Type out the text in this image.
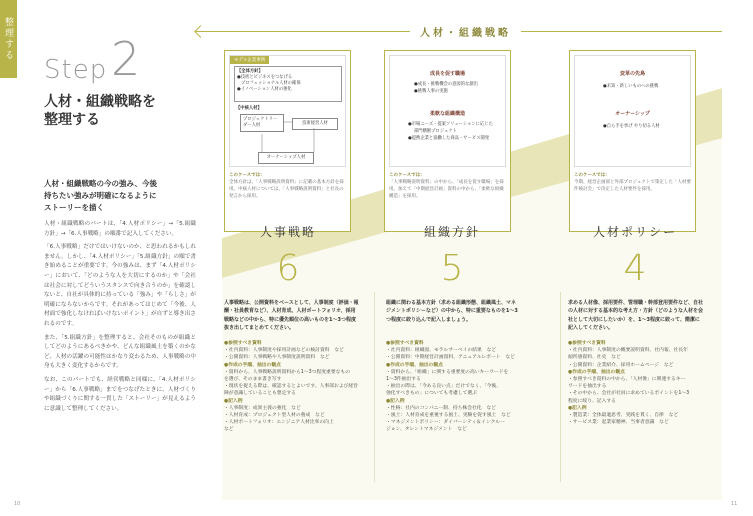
整理する
Step 2
人材・組織戦略を
整理する
人材・組織戦略の今の強み、今後
持ちたい強みが明確になるように
ストーリーを描く

人材・組織戦略のパートは、「4.人材ポリシー」→「5.組織方針」→「6.人事戦略」の順番で記入してください。

「6.人事戦略」だけではいけないのか、と思われるかもしれません。しかし、「4.人材ポリシー」「5.組織方針」の順で書き始めることが重要です。今の強みは、まず「4.人材ポリシー」において、「どのような人を大切にするのか」や「会社は社会に対してどういうスタンスで向き合うのか」を確認しないと、自社が具体的に持っている「強み」や「らしさ」が明確にならないからです。それがあってはじめて「今後、人材面で強化しなければいけないポイント」が自ずと導き出されるのです。

また、「5.組織方針」を整理すると、会社そのものが組織としてどのようにあるべきかや、どんな組織風土を築くのかなど、人材の活躍の可能性はかなり変わるため、人事戦略の中身も大きく変化するからです。

なお、このパートでも、経営戦略と同様に、「4.人材ポリシー」から「6.人事戦略」までをつなげたときに、人材づくりや組織づくりに関する一貫した「ストーリー」が見えるように意識して整理してください。

10	11
人材・組織戦略
モデル企業事例
【全体方針】
●技術とビジネスをつなげる
プロフェッショナル人材の確保
●イノベーション人材の強化
【中核人材】
プロジェクトリーダー人材	技術経営人材
オーナーシップ人材
このケースでは：
全体方針は、「人事戦略説明資料」に記載の基本方針を採用。中核人材については、「人事戦略説明資料」と社長の発言から採用。
成長を促す職場
●成長・挑戦機会の意図的な創出
●挑戦人事の実施
柔軟な組織構造
●市場ニーズ・提案ソリューションに応じた
部門横断プロジェクト
●提携企業と協働した商品・サービス開発
このケースでは：
「人事戦略説明資料」の中から、「成長を促す職場」を採用。加えて「中期経営計画」資料の中から、「柔軟な組織構造」を採用。
変革の先鳥
●未知・新しいものへの挑戦
オーナーシップ
●自ら手を挙げ やり切る人材
このケースでは：
今期、経営企画部と外部プロジェクトで策定した「人材要件検討会」で決定した人材要件を採用。
人事戦略
6
人事戦略は、公開資料をベースとして、人事制度（評価・報酬・社員教育など）、人材育成、人材ポートフォリオ、採用戦略などの中から、特に優先順位の高いものを1〜3つ程度抜き出してまとめてください。
●参照すべき資料
・社内資料：人事制度や採用計画などの検討資料　など
・公開資料：人事戦略や人事制度説明資料　など
●作成の手順、抽出の観点
・資料から、人事戦略説明資料から1〜3つ程度重要なもの
を選び、そのまま書き写す
・現状を捉える際は、確認するとよいです。人事部および経営
陣が意識していることも想定する
●記入例
・人事制度：成果主義の強化　など
・人材育成：プロジェクト型人材の養成　など
・人材ポートフォリオ：エンジニア人材比率の向上
など
組織方針
5
組織に関わる基本方針（求める組織形態、組織風土、マネジメントポリシーなど）の中から、特に重要なものを1〜3つ程度に絞り込んで記入しましょう。
●参照すべき資料
・社内資料：組織図、モラルサーベイの結果　など
・公開資料：中期経営計画資料、アニュアルレポート　など
●作成の手順、抽出の観点
・資料から、「組織」に関する重要度の高いキーワードを
1〜3件抽出する
・抽出の際は、「今ある良い点」だけでなく、「今後、
強化すべきもの」についても考慮して選ぶ
●記入例
・性格：社内のコンパニー制、持ち株会社化　など
・風土：人材育成を重視する風土、実験を促す風土　など
・マネジメントポリシー：ダイバーシティ＆インクルー
ジョン、タレントマネジメント　など
人材ポリシー
4
求める人材像、採用要件、管理職・幹部登用要件など、自社の人材に対する基本的な考え方・方針（どのような人材を会社として大切にしたいか）を、1〜3程度に絞って、簡潔に記入してください。
●参照すべき資料
・社内資料：人事制度の概要説明資料、社内報、社長年
頭所感資料、社史　など
・公開資料：企業紹介、採用ホームページ　など
●作成の手順、抽出の観点
・参照すべき資料の中から、「人材像」に関連するキー
ワードを抽出する
・その中から、会社が社員に求めているポイントを1〜3
程度に絞り、記入する
●記入例
・製造業：全体最適思考、実践を貫く、自律　など
・サービス業：起業家精神、当事者意識　など
